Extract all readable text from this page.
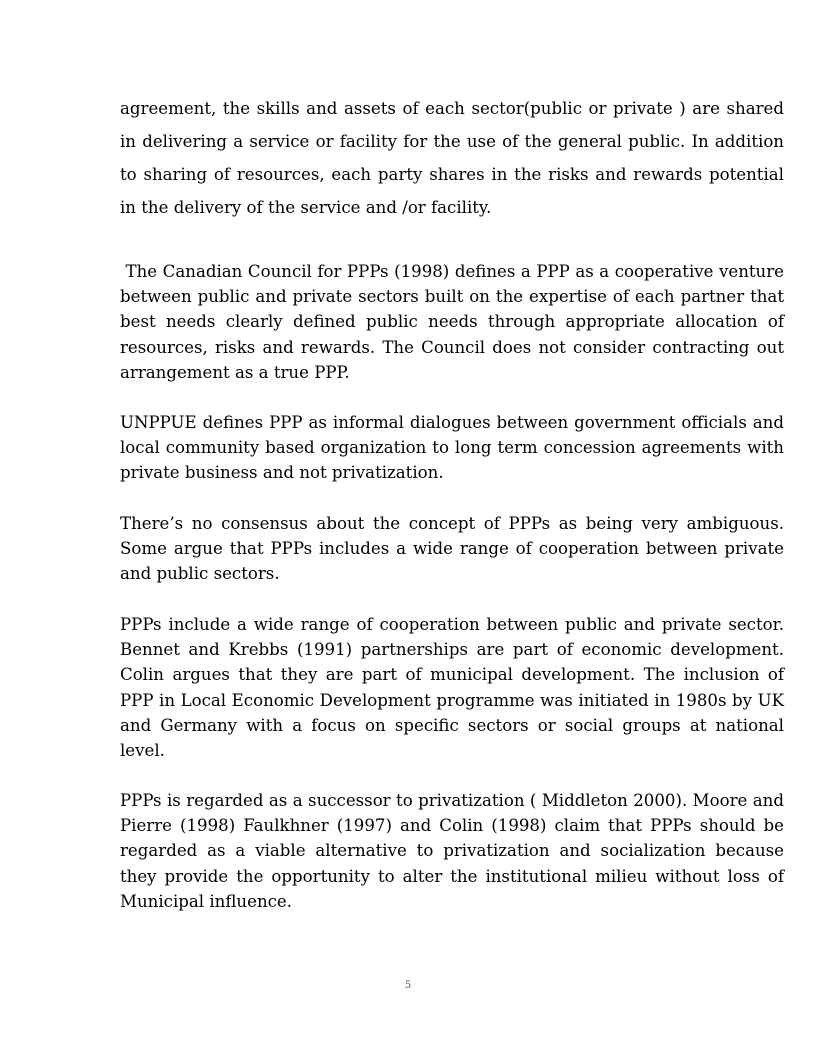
agreement, the skills and assets of each sector(public or private ) are shared in delivering a service or facility for the use of the general public. In addition to sharing of resources, each party shares in the risks and rewards potential in the delivery of the service and /or facility.

The Canadian Council for PPPs (1998) defines a PPP as a cooperative venture between public and private sectors built on the expertise of each partner that best needs clearly defined public needs through appropriate allocation of resources, risks and rewards. The Council does not consider contracting out arrangement as a true PPP.

UNPPUE defines PPP as informal dialogues between government officials and local community based organization to long term concession agreements with private business and not privatization.

There’s no consensus about the concept of PPPs as being very ambiguous. Some argue that PPPs includes a wide range of cooperation between private and public sectors.

PPPs include a wide range of cooperation between public and private sector. Bennet and Krebbs (1991) partnerships are part of economic development. Colin argues that they are part of municipal development. The inclusion of PPP in Local Economic Development programme was initiated in 1980s by UK and Germany with a focus on specific sectors or social groups at national level.

PPPs is regarded as a successor to privatization ( Middleton 2000). Moore and Pierre (1998) Faulkhner (1997) and Colin (1998) claim that PPPs should be regarded as a viable alternative to privatization and socialization because they provide the opportunity to alter the institutional milieu without loss of Municipal influence.

5
